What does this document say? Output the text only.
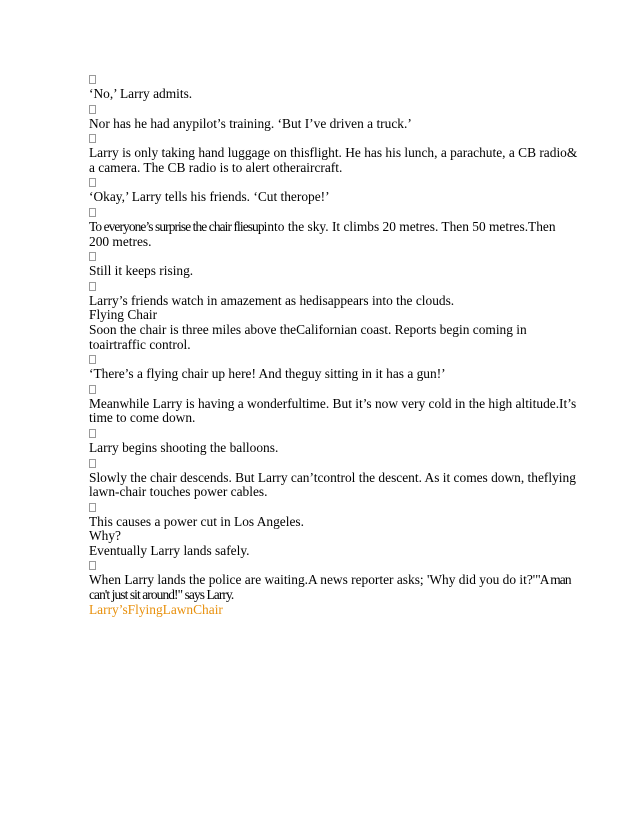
‘No,’ Larry admits.
Nor has he had anypilot’s training. ‘But I’ve driven a truck.’
Larry is only taking hand luggage on thisflight. He has his lunch, a parachute, a CB radio&
a camera. The CB radio is to alert otheraircraft.
‘Okay,’ Larry tells his friends. ‘Cut therope!’
To everyone’s surprise the chair fliesupinto the sky. It climbs 20 metres. Then 50 metres.Then
200 metres.
Still it keeps rising.
Larry’s friends watch in amazement as hedisappears into the clouds.
Flying Chair
Soon the chair is three miles above theCalifornian coast. Reports begin coming in
toairtraffic control.
‘There’s a flying chair up here! And theguy sitting in it has a gun!’
Meanwhile Larry is having a wonderfultime. But it’s now very cold in the high altitude.It’s
time to come down.
Larry begins shooting the balloons.
Slowly the chair descends. But Larry can’tcontrol the descent. As it comes down, theflying
lawn-chair touches power cables.
This causes a power cut in Los Angeles.
Why?
Eventually Larry lands safely.
When Larry lands the police are waiting.A news reporter asks; 'Why did you do it?'"A man
can't just sit around!" says Larry.
Larry’sFlyingLawnChair
